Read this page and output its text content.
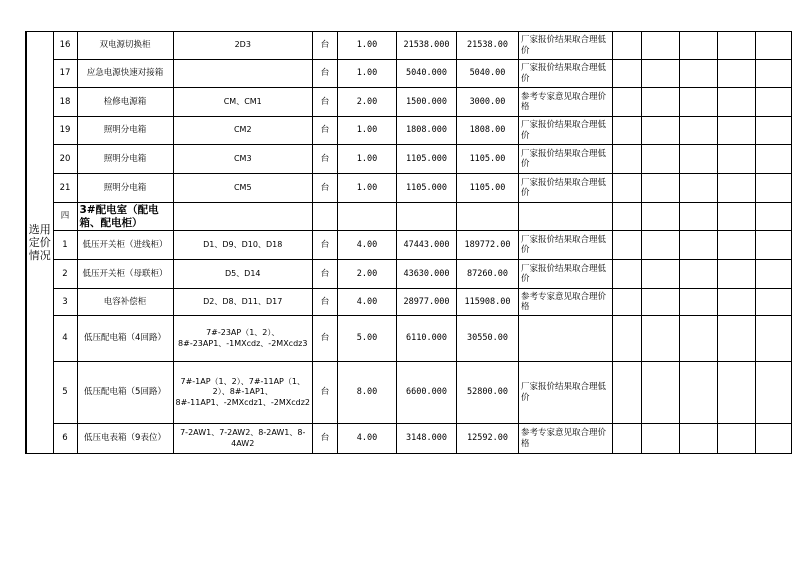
选用定价情况	16	双电源切换柜	2D3	台	1.00	21538.000	21538.00	厂家报价结果取合理低价					
	17	应急电源快速对接箱		台	1.00	5040.000	5040.00	厂家报价结果取合理低价					
	18	检修电源箱	CM、CM1	台	2.00	1500.000	3000.00	参考专家意见取合理价格					
	19	照明分电箱	CM2	台	1.00	1808.000	1808.00	厂家报价结果取合理低价					
	20	照明分电箱	CM3	台	1.00	1105.000	1105.00	厂家报价结果取合理低价					
	21	照明分电箱	CM5	台	1.00	1105.000	1105.00	厂家报价结果取合理低价					
	四	3#配电室（配电箱、配电柜）											
	1	低压开关柜（进线柜）	D1、D9、D10、D18	台	4.00	47443.000	189772.00	厂家报价结果取合理低价					
	2	低压开关柜（母联柜）	D5、D14	台	2.00	43630.000	87260.00	厂家报价结果取合理低价					
	3	电容补偿柜	D2、D8、D11、D17	台	4.00	28977.000	115908.00	参考专家意见取合理价格					
	4	低压配电箱（4回路）	7#-23AP（1、2）、8#-23AP1、-1MXcdz、-2MXcdz3	台	5.00	6110.000	30550.00						
	5	低压配电箱（5回路）	7#-1AP（1、2）、7#-11AP（1、2）、8#-1AP1、8#-11AP1、-2MXcdz1、-2MXcdz2	台	8.00	6600.000	52800.00	厂家报价结果取合理低价					
	6	低压电表箱（9表位）	7-2AW1、7-2AW2、8-2AW1、8-4AW2	台	4.00	3148.000	12592.00	参考专家意见取合理价格					
